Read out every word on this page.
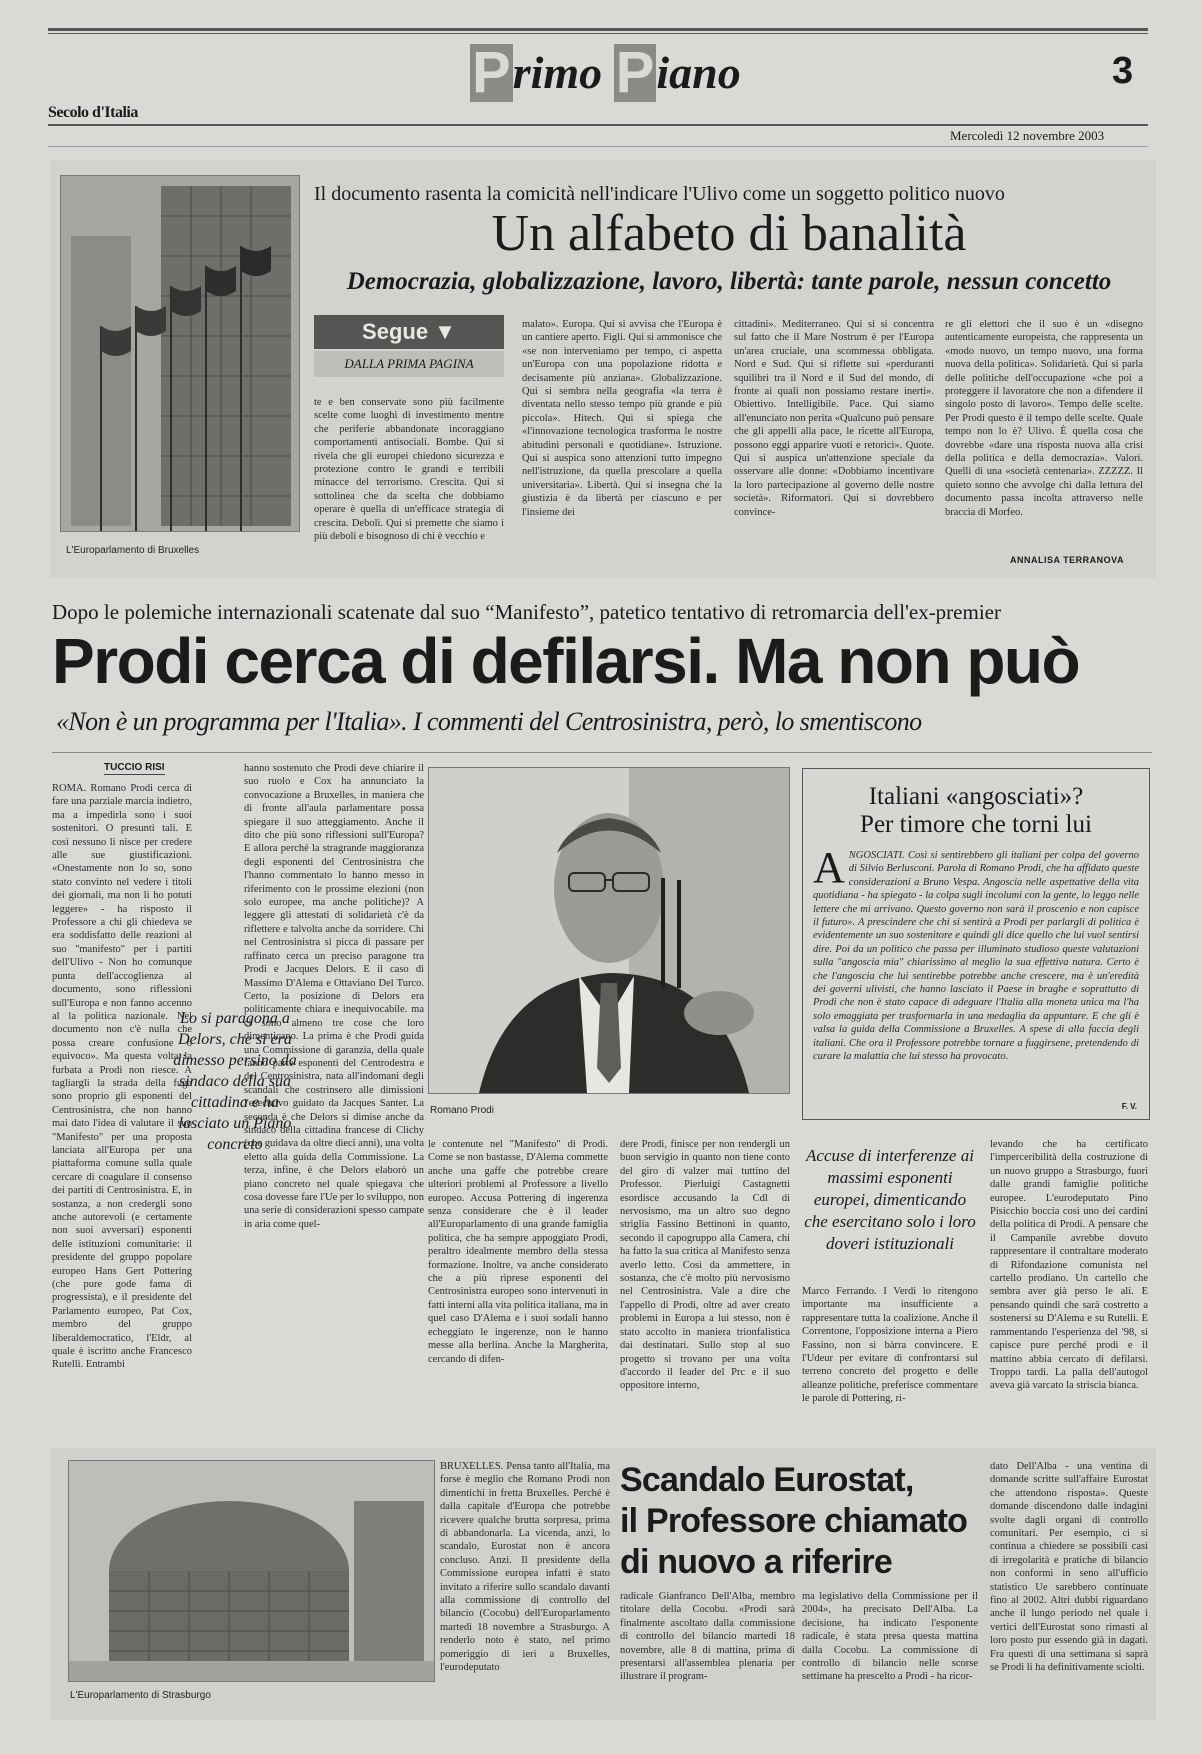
Primo Piano	3
Secolo d'Italia
Mercoledì 12 novembre 2003
L'Europarlamento di Bruxelles
Il documento rasenta la comicità nell'indicare l'Ulivo come un soggetto politico nuovo
Un alfabeto di banalità
Democrazia, globalizzazione, lavoro, libertà: tante parole, nessun concetto
Segue ▼
DALLA PRIMA PAGINA
te e ben conservate sono più facilmente scelte come luoghi di investimento mentre che periferie abbandonate incoraggiano comportamenti antisociali. Bombe. Qui si rivela che gli europei chiedono sicurezza e protezione contro le grandi e terribili minacce del terrorismo. Crescita. Qui si sottolinea che da scelta che dobbiamo operare è quella di un'efficace strategia di crescita. Deboli. Qui si premette che siamo i più deboli e bisognoso di chi è vecchio e
malato». Europa. Qui si avvisa che l'Europa è un cantiere aperto. Figli. Qui si ammonisce che «se non interveniamo per tempo, ci aspetta un'Europa con una popolazione ridotta e decisamente più anziana». Globalizzazione. Qui si sembra nella geografia «la terra è diventata nello stesso tempo più grande e più piccola». Hitech. Qui si spiega che «l'innovazione tecnologica trasforma le nostre abitudini personali e quotidiane». Istruzione. Qui si auspica sono attenzioni tutto impegno nell'istruzione, da quella prescolare a quella universitaria». Libertà. Qui si insegna che la giustizia è da libertà per ciascuno e per l'insieme dei
cittadini». Mediterraneo. Qui si si concentra sul fatto che il Mare Nostrum è per l'Europa un'area cruciale, una scommessa obbligata. Nord e Sud. Qui si riflette sui «perduranti squilibri tra il Nord e il Sud del mondo, di fronte ai quali non possiamo restare inerti». Obiettivo. Intelligibile. Pace. Qui siamo all'enunciato non perita «Qualcuno può pensare che gli appelli alla pace, le ricette all'Europa, possono eggi apparire vuoti e retorici». Quote. Qui si auspica un'attenzione speciale da osservare alle donne: «Dobbiamo incentivare la loro partecipazione al governo delle nostre società». Riformatori. Qui si dovrebbero convince-
re gli elettori che il suo è un «disegno autenticamente europeista, che rappresenta un «modo nuovo, un tempo nuovo, una forma nuova della politica». Solidarietà. Qui si parla delle politiche dell'occupazione «che poi a proteggere il lavoratore che non a difendere il singolo posto di lavoro». Tempo delle scelte. Per Prodi questo è il tempo delle scelte. Quale tempo non lo è? Ulivo. È quella cosa che dovrebbe «dare una risposta nuova alla crisi della politica e della democrazia». Valori. Quelli di una «società centenaria». ZZZZZ. Il quieto sonno che avvolge chi dalla lettura del documento passa incolta attraverso nelle braccia di Morfeo.
ANNALISA TERRANOVA
Dopo le polemiche internazionali scatenate dal suo “Manifesto”, patetico tentativo di retromarcia dell'ex-premier
Prodi cerca di defilarsi. Ma non può
«Non è un programma per l'Italia». I commenti del Centrosinistra, però, lo smentiscono
TUCCIO RISI
ROMA. Romano Prodi cerca di fare una parziale marcia indietro, ma a impedirla sono i suoi sostenitori. O presunti tali. E così nessuno li nisce per credere alle sue giustificazioni. «Onestamente non lo so, sono stato convinto nel vedere i titoli dei giornali, ma non li ho potuti leggere» - ha risposto il Professore a chi gli chiedeva se era soddisfatto delle reazioni al suo "manifesto" per i partiti dell'Ulivo - Non ho comunque punta dell'accoglienza al documento, sono riflessioni sull'Europa e non fanno accenno al la politica nazionale. Nel documento non c'è nulla che possa creare confusione o equivoco». Ma questa volta la furbata a Prodi non riesce. A tagliargli la strada della fuga sono proprio gli esponenti del Centrosinistra, che non hanno mai dato l'idea di valutare il suo "Manifesto" per una proposta lanciata all'Europa per una piattaforma comune sulla quale cercare di coagulare il consenso dei partiti di Centrosinistra. E, in sostanza, a non credergli sono anche autorevoli (e certamente non suoi avversari) esponenti delle istituzioni comunitarie: il presidente del gruppo popolare europeo Hans Gert Pottering (che pure gode fama di progressista), e il presidente del Parlamento europeo, Pat Cox, membro del gruppo liberaldemocratico, l'Eldr, al quale è iscritto anche Francesco Rutelli. Entrambi
Lo si paragona a Delors, che si era dimesso persino da sindaco della sua cittadina e ha lasciato un Piano concreto
hanno sostenuto che Prodi deve chiarire il suo ruolo e Cox ha annunciato la convocazione a Bruxelles, in maniera che di fronte all'aula parlamentare possa spiegare il suo atteggiamento. Anche il dito che più sono riflessioni sull'Europa? E allora perché la stragrande maggioranza degli esponenti del Centrosinistra che l'hanno commentato lo hanno messo in riferimento con le prossime elezioni (non solo europee, ma anche politiche)? A leggere gli attestati di solidarietà c'è da riflettere e talvolta anche da sorridere. Chi nel Centrosinistra si picca di passare per raffinato cerca un preciso paragone tra Prodi e Jacques Delors. E il caso di Massimo D'Alema e Ottaviano Del Turco. Certo, la posizione di Delors era politicamente chiara e inequivocabile. ma ci sono almeno tre cose che loro dimenticano. La prima è che Prodi guida una Commissione di garanzia, della quale fanno parte esponenti del Centrodestra e del Centrosinistra, nata all'indomani degli scandali che costrinsero alle dimissioni l'esecutivo guidato da Jacques Santer. La seconda è che Delors si dimise anche da sindaco della cittadina francese di Clichy (che guidava da oltre dieci anni), una volta eletto alla guida della Commissione. La terza, infine, è che Delors elaborò un piano concreto nel quale spiegava che cosa dovesse fare l'Ue per lo sviluppo, non una serie di considerazioni spesso campate in aria come quel-
Romano Prodi
Italiani «angosciati»?
Per timore che torni lui
A NGOSCIATI. Così si sentirebbero gli italiani per colpa del governo di Silvio Berlusconi. Parola di Romano Prodi, che ha affidato queste considerazioni a Bruno Vespa. Angoscia nelle aspettative della vita quotidiana - ha spiegato - la colpa sugli incolumi con la gente, lo leggo nelle lettere che mi arrivano. Questo governo non sarà il proscenio e non capisce il futuro». A prescindere che chi si sentirà a Prodi per parlargli di politica è evidentemente un suo sostenitore e quindi gli dice quello che lui vuol sentirsi dire. Poi da un politico che passa per illuminato studioso queste valutazioni sulla "angoscia mia" chiarissimo al meglio la sua effettiva natura. Certo è che l'angoscia che lui sentirebbe potrebbe anche crescere, ma è un'eredità dei governi ulivisti, che hanno lasciato il Paese in braghe e soprattutto di Prodi che non è stato capace di adeguare l'Italia alla moneta unica ma l'ha solo emaggiata per trasformarla in una medaglia da appuntare. E che gli è valsa la guida della Commissione a Bruxelles. A spese di alla faccia degli italiani. Che ora il Professore potrebbe tornare a fuggirsene, pretendendo di curare la malattia che lui stesso ha provocato.
F. V.
le contenute nel "Manifesto" di Prodi. Come se non bastasse, D'Alema commette anche una gaffe che potrebbe creare ulteriori problemi al Professore a livello europeo. Accusa Pottering di ingerenza senza considerare che è il leader all'Europarlamento di una grande famiglia politica, che ha sempre appoggiato Prodi, peraltro idealmente membro della stessa formazione. Inoltre, va anche considerato che a più riprese esponenti del Centrosinistra europeo sono intervenuti in fatti interni alla vita politica italiana, ma in quel caso D'Alema e i suoi sodali hanno echeggiato le ingerenze, non le hanno messe alla berlina. Anche la Margherita, cercando di difen-
dere Prodi, finisce per non rendergli un buon servigio in quanto non tiene conto del giro di valzer mai tuttino del Professor. Pierluigi Castagnetti esordisce accusando la Cdl di nervosismo, ma un altro suo degno striglia Fassino Bettinoni in quanto, secondo il capogruppo alla Camera, chi ha fatto la sua critica al Manifesto senza averlo letto. Così da ammettere, in sostanza, che c'è molto più nervosismo nel Centrosinistra. Vale a dire che l'appello di Prodi, oltre ad aver creato problemi in Europa a lui stesso, non è stato accolto in maniera trionfalistica dai destinatari. Sullo stop al suo progetto si trovano per una volta d'accordo il leader del Prc e il suo oppositore interno,
Accuse di interferenze ai massimi esponenti europei, dimenticando che esercitano solo i loro doveri istituzionali
Marco Ferrando. I Verdi lo ritengono importante ma insufficiente a rappresentare tutta la coalizione. Anche il Correntone, l'opposizione interna a Piero Fassino, non si bàrra convincere. E l'Udeur per evitare di confrontarsi sul terreno concreto del progetto e delle alleanze politiche, preferisce commentare le parole di Pottering, ri-
levando che ha certificato l'imperceribilità della costruzione di un nuovo gruppo a Strasburgo, fuori dalle grandi famiglie politiche europee. L'eurodeputato Pino Pisicchio boccia così uno dei cardini della politica di Prodi. A pensare che il Campanile avrebbe dovuto rappresentare il contraltare moderato di Rifondazione comunista nel cartello prodiano. Un cartello che sembra aver già perso le ali. E pensando quindi che sarà costretto a sostenersi su D'Alema e su Rutelli. E rammentando l'esperienza del '98, si capisce pure perché prodi e il mattino abbia cercato di defilarsi. Troppo tardi. La palla dell'autogol aveva già varcato la striscia bianca.
L'Europarlamento di Strasburgo
BRUXELLES. Pensa tanto all'Italia, ma forse è meglio che Romano Prodi non dimentichi in fretta Bruxelles. Perché è dalla capitale d'Europa che potrebbe ricevere qualche brutta sorpresa, prima di abbandonarla. La vicenda, anzi, lo scandalo, Eurostat non è ancora concluso. Anzi. Il presidente della Commissione europea infatti è stato invitato a riferire sullo scandalo davanti alla commissione di controllo del bilancio (Cocobu) dell'Europarlamento martedì 18 novembre a Strasburgo. A renderlo noto è stato, nel primo pomeriggio di ieri a Bruxelles, l'eurodeputato
Scandalo Eurostat,
il Professore chiamato
di nuovo a riferire
radicale Gianfranco Dell'Alba, membro titolare della Cocobu. «Prodi sarà finalmente ascoltato dalla commissione di controllo del bilancio martedì 18 novembre, alle 8 di mattina, prima di presentarsi all'assemblea plenaria per illustrare il program-
ma legislativo della Commissione per il 2004», ha precisato Dell'Alba. La decisione, ha indicato l'esponente radicale, è stata presa questa mattina dalla Cocobu. La commissione di controllo di bilancio nelle scorse settimane ha prescelto a Prodi - ha ricor-
dato Dell'Alba - una ventina di domande scritte sull'affaire Eurostat che attendono risposta». Queste domande discendono dalle indagini svolte dagli organi di controllo comunitari. Per esempio, ci si continua a chiedere se possibili casi di irregolarità e pratiche di bilancio non conformi in seno all'ufficio statistico Ue sarebbero continuate fino al 2002. Altri dubbi riguardano anche il lungo periodo nel quale i vertici dell'Eurostat sono rimasti al loro posto pur essendo già in dagati. Fra questi di una settimana si saprà se Prodi li ha definitivamente sciolti.
